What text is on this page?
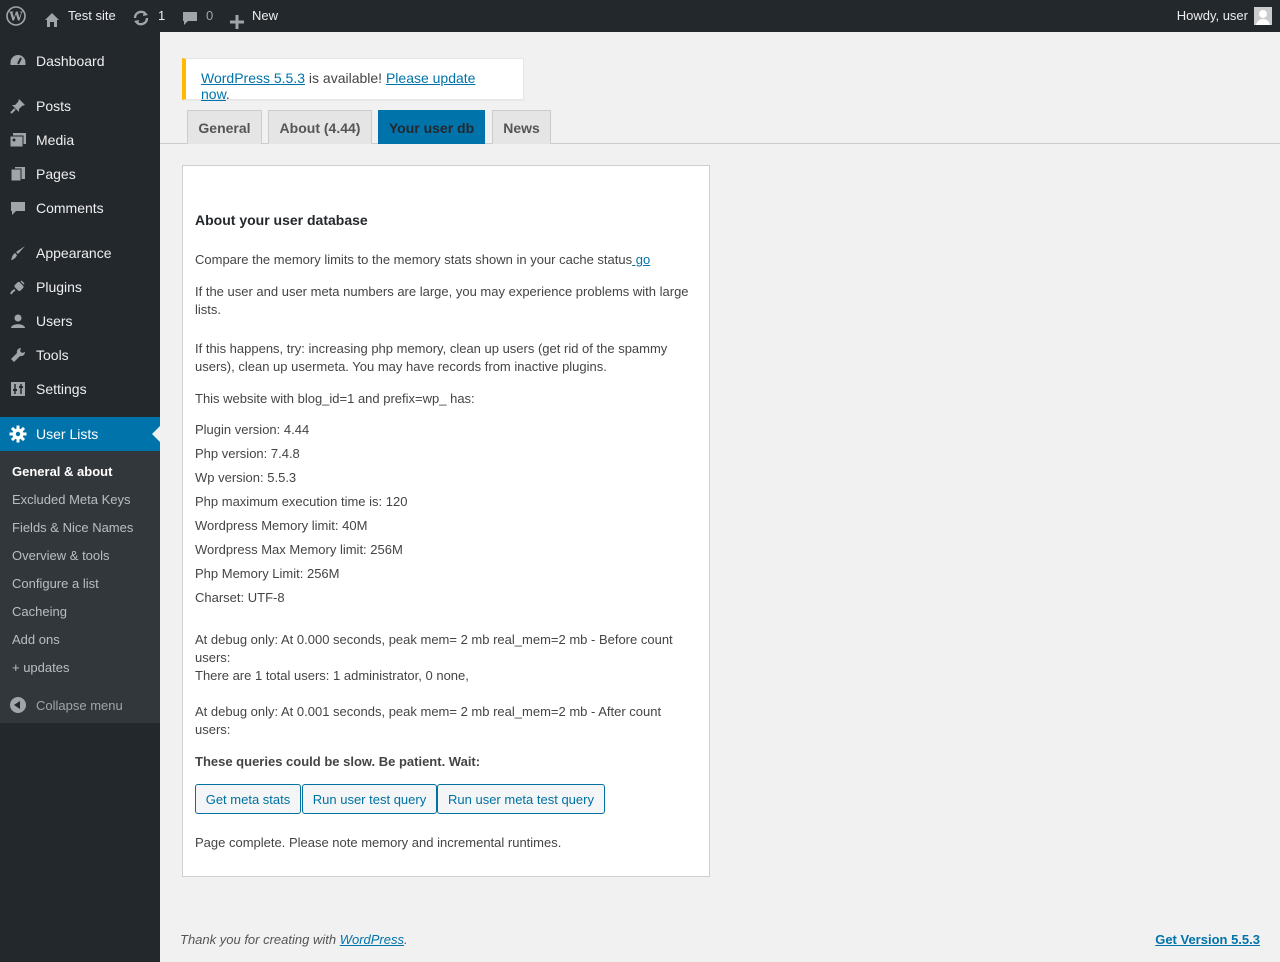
W	Test site	1	0	New	Howdy, user
Dashboard
Posts
Media
Pages
Comments
Appearance
Plugins
Users
Tools
Settings
User Lists
General & about
Excluded Meta Keys
Fields & Nice Names
Overview & tools
Configure a list
Cacheing
Add ons
+ updates
Collapse menu
WordPress 5.5.3 is available! Please update now.
General	About (4.44)	Your user db	News
About your user database
Compare the memory limits to the memory stats shown in your cache status go
If the user and user meta numbers are large, you may experience problems with large lists.
If this happens, try: increasing php memory, clean up users (get rid of the spammy users), clean up usermeta. You may have records from inactive plugins.
This website with blog_id=1 and prefix=wp_ has:
Plugin version: 4.44
Php version: 7.4.8
Wp version: 5.5.3
Php maximum execution time is: 120
Wordpress Memory limit: 40M
Wordpress Max Memory limit: 256M
Php Memory Limit: 256M
Charset: UTF-8
At debug only: At 0.000 seconds, peak mem= 2 mb real_mem=2 mb - Before count users:
There are 1 total users: 1 administrator, 0 none,
At debug only: At 0.001 seconds, peak mem= 2 mb real_mem=2 mb - After count users:
These queries could be slow. Be patient. Wait:
Get meta stats	Run user test query	Run user meta test query
Page complete. Please note memory and incremental runtimes.
Thank you for creating with WordPress.	Get Version 5.5.3
